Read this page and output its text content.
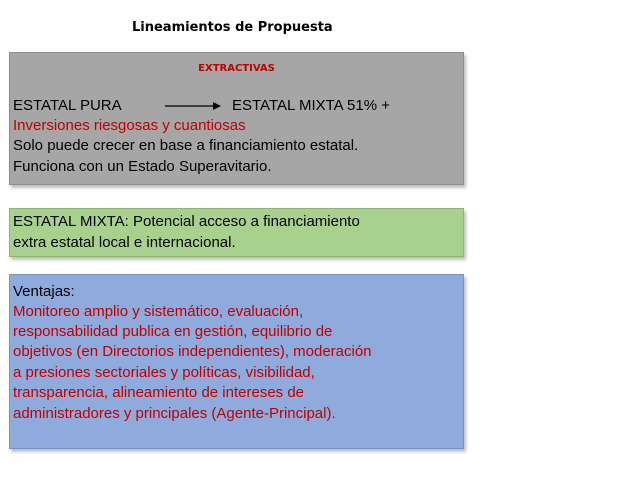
Lineamientos de Propuesta
EXTRACTIVAS
ESTATAL PURA	ESTATAL MIXTA 51% +
Inversiones riesgosas y cuantiosas
Solo puede crecer en base a financiamiento estatal.
Funciona con un Estado Superavitario.
ESTATAL MIXTA: Potencial acceso a financiamiento
extra estatal local e internacional.
Ventajas:
Monitoreo amplio y sistemático, evaluación,
responsabilidad publica en gestión, equilibrio de
objetivos (en Directorios independientes), moderación
a presiones sectoriales y políticas, visibilidad,
transparencia, alineamiento de intereses de
administradores y principales (Agente-Principal).
